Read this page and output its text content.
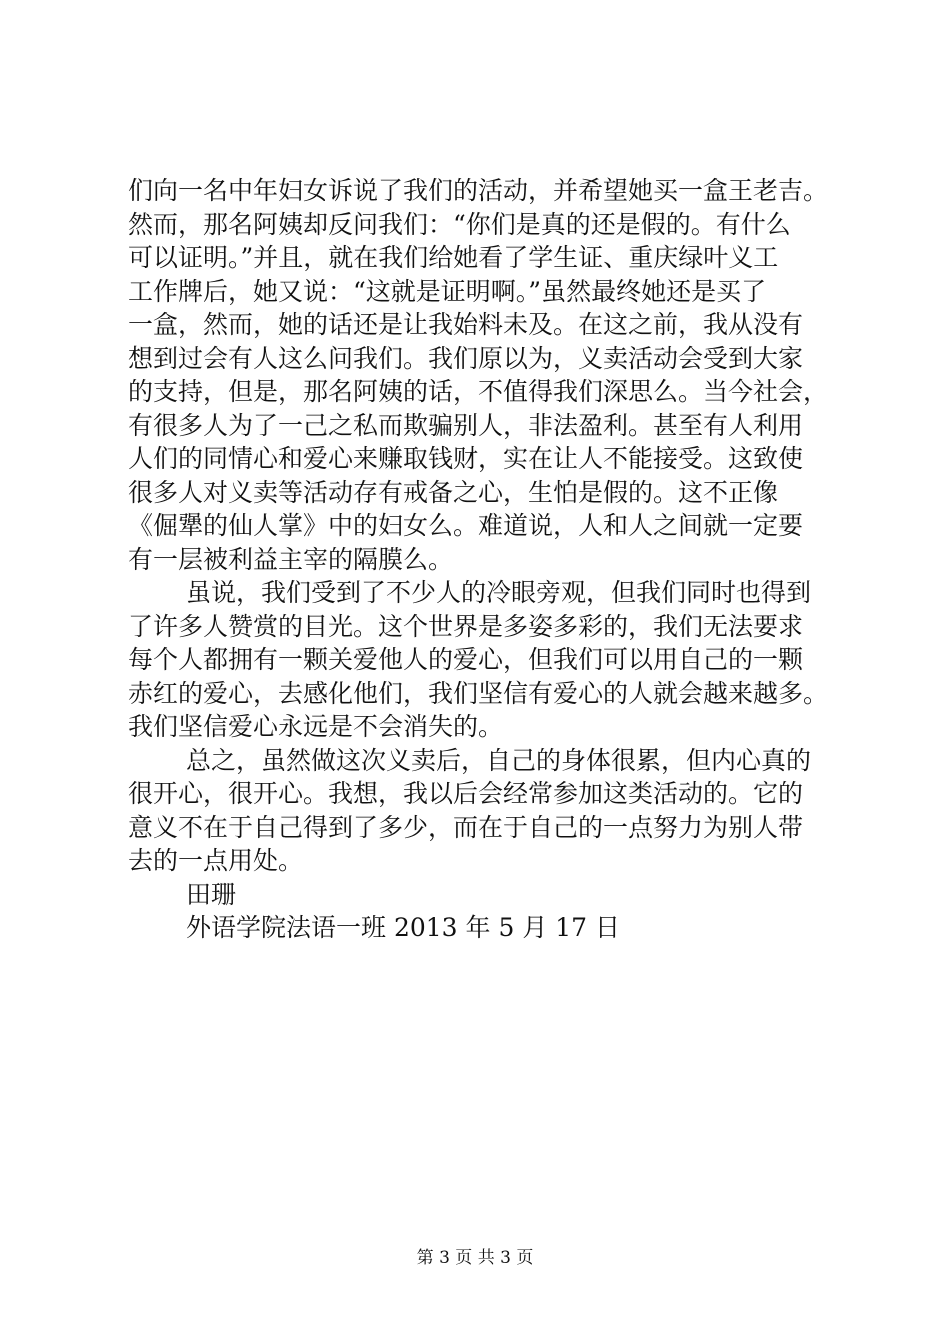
们向一名中年妇女诉说了我们的活动，并希望她买一盒王老吉。
然而，那名阿姨却反问我们：“你们是真的还是假的。有什么
可以证明。”并且，就在我们给她看了学生证、重庆绿叶义工
工作牌后，她又说：“这就是证明啊。”虽然最终她还是买了
一盒，然而，她的话还是让我始料未及。在这之前，我从没有
想到过会有人这么问我们。我们原以为，义卖活动会受到大家
的支持，但是，那名阿姨的话，不值得我们深思么。当今社会，
有很多人为了一己之私而欺骗别人，非法盈利。甚至有人利用
人们的同情心和爱心来赚取钱财，实在让人不能接受。这致使
很多人对义卖等活动存有戒备之心，生怕是假的。这不正像
《倔犟的仙人掌》中的妇女么。难道说，人和人之间就一定要
有一层被利益主宰的隔膜么。
虽说，我们受到了不少人的冷眼旁观，但我们同时也得到
了许多人赞赏的目光。这个世界是多姿多彩的，我们无法要求
每个人都拥有一颗关爱他人的爱心，但我们可以用自己的一颗
赤红的爱心，去感化他们，我们坚信有爱心的人就会越来越多。
我们坚信爱心永远是不会消失的。
总之，虽然做这次义卖后，自己的身体很累，但内心真的
很开心，很开心。我想，我以后会经常参加这类活动的。它的
意义不在于自己得到了多少，而在于自己的一点努力为别人带
去的一点用处。
田珊
外语学院法语一班 2013 年 5 月 17 日
第 3 页 共 3 页
